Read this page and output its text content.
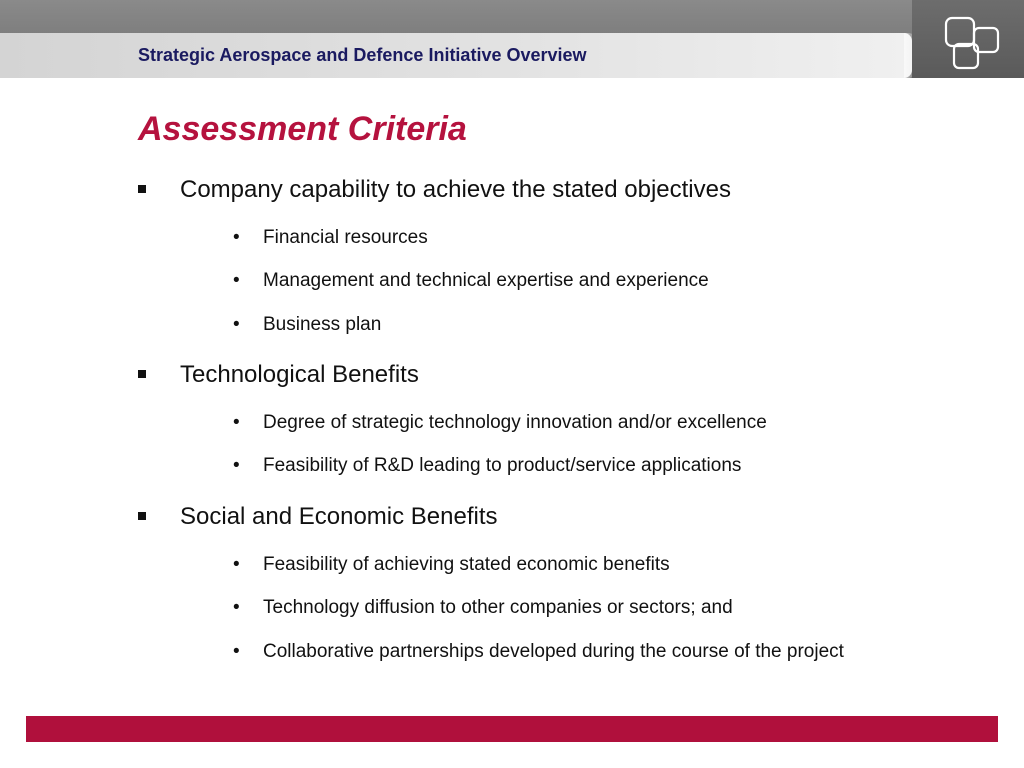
Strategic Aerospace and Defence Initiative Overview
Assessment Criteria
Company capability to achieve the stated objectives
• Financial resources
• Management and technical expertise and experience
• Business plan
Technological Benefits
• Degree of strategic technology innovation and/or excellence
• Feasibility of R&D leading to product/service applications
Social and Economic Benefits
• Feasibility of achieving stated economic benefits
• Technology diffusion to other companies or sectors; and
• Collaborative partnerships developed during the course of the project
